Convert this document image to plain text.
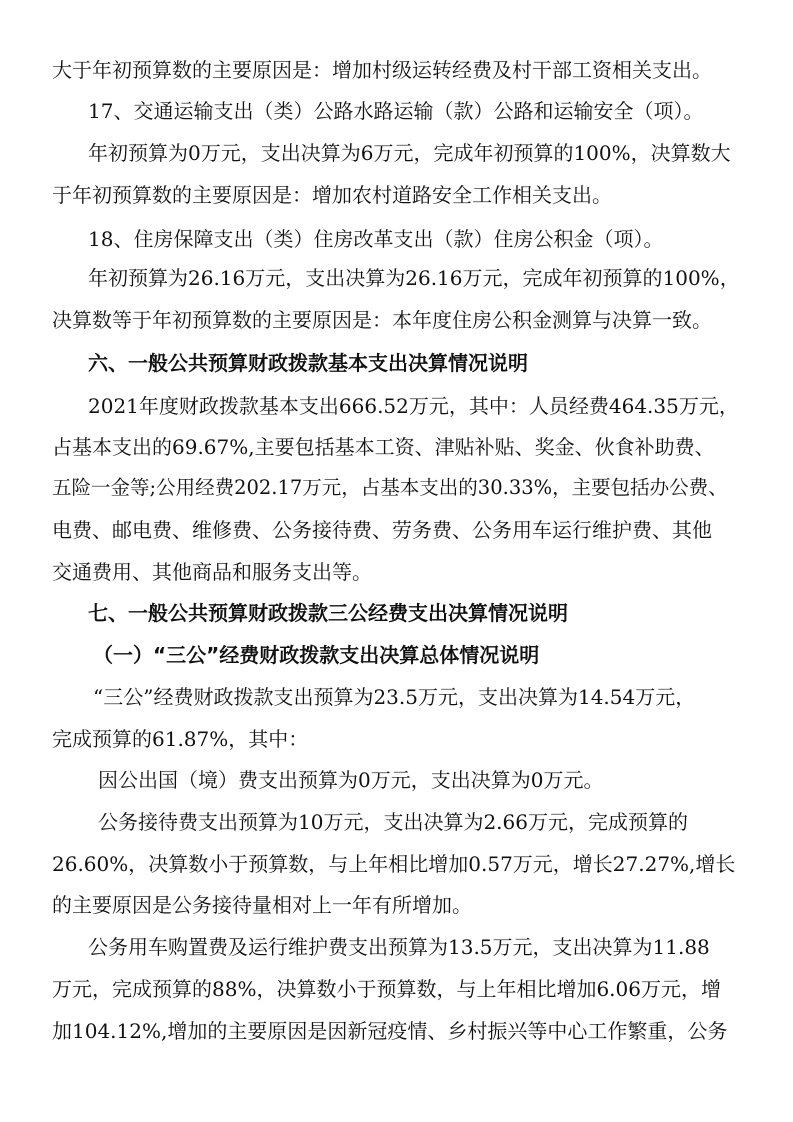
大于年初预算数的主要原因是：增加村级运转经费及村干部工资相关支出。
17、交通运输支出（类）公路水路运输（款）公路和运输安全（项）。
年初预算为0万元，支出决算为6万元，完成年初预算的100%，决算数大
于年初预算数的主要原因是：增加农村道路安全工作相关支出。
18、住房保障支出（类）住房改革支出（款）住房公积金（项）。
年初预算为26.16万元，支出决算为26.16万元，完成年初预算的100%，
决算数等于年初预算数的主要原因是：本年度住房公积金测算与决算一致。
六、一般公共预算财政拨款基本支出决算情况说明
2021年度财政拨款基本支出666.52万元，其中：人员经费464.35万元，
占基本支出的69.67%,主要包括基本工资、津贴补贴、奖金、伙食补助费、
五险一金等;公用经费202.17万元，占基本支出的30.33%，主要包括办公费、
电费、邮电费、维修费、公务接待费、劳务费、公务用车运行维护费、其他
交通费用、其他商品和服务支出等。
七、一般公共预算财政拨款三公经费支出决算情况说明
（一）“三公”经费财政拨款支出决算总体情况说明
“三公”经费财政拨款支出预算为23.5万元，支出决算为14.54万元，
完成预算的61.87%，其中：
因公出国（境）费支出预算为0万元，支出决算为0万元。
公务接待费支出预算为10万元，支出决算为2.66万元，完成预算的
26.60%，决算数小于预算数，与上年相比增加0.57万元，增长27.27%,增长
的主要原因是公务接待量相对上一年有所增加。
公务用车购置费及运行维护费支出预算为13.5万元，支出决算为11.88
万元，完成预算的88%，决算数小于预算数，与上年相比增加6.06万元，增
加104.12%,增加的主要原因是因新冠疫情、乡村振兴等中心工作繁重，公务
